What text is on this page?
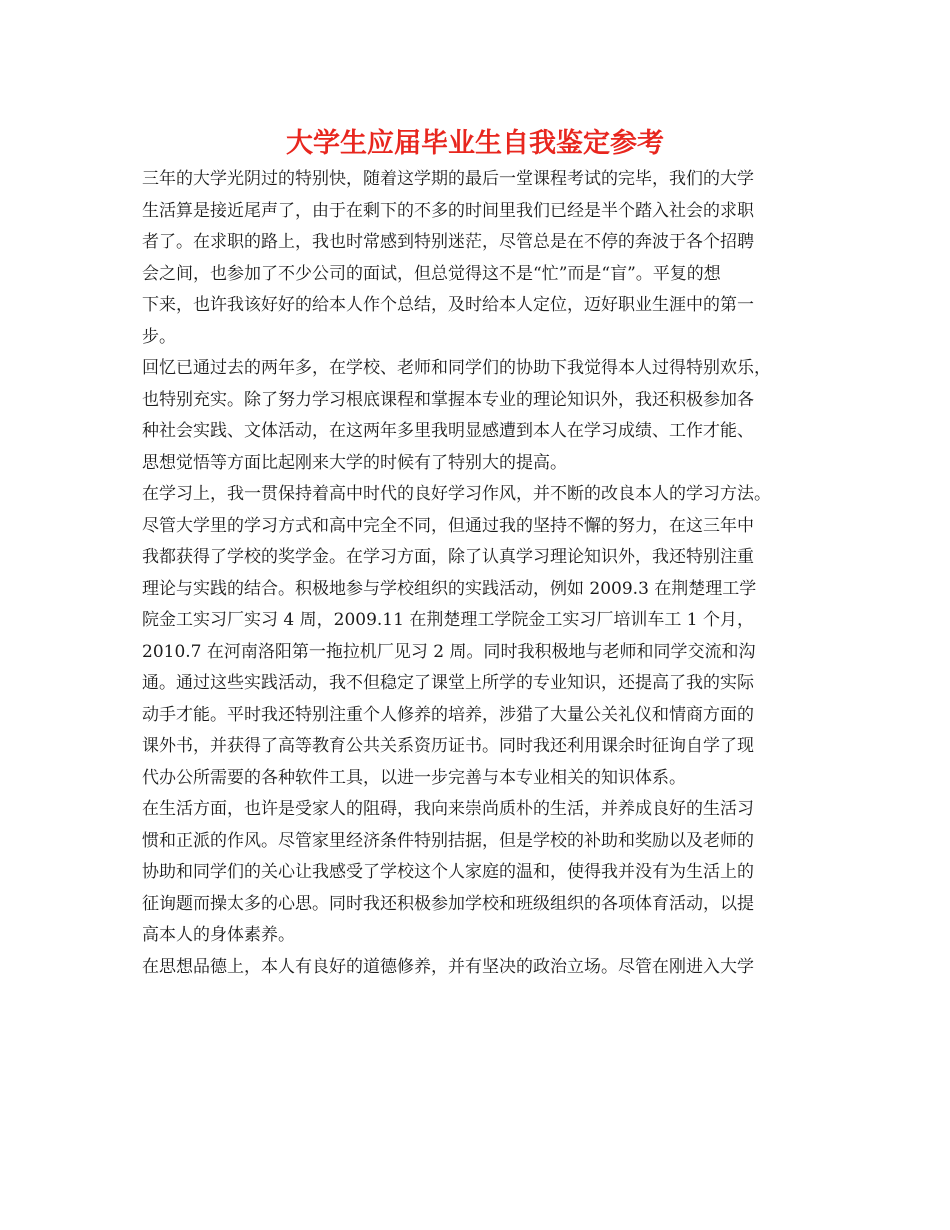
大学生应届毕业生自我鉴定参考

三年的大学光阴过的特别快，随着这学期的最后一堂课程考试的完毕，我们的大学
生活算是接近尾声了，由于在剩下的不多的时间里我们已经是半个踏入社会的求职
者了。在求职的路上，我也时常感到特别迷茫，尽管总是在不停的奔波于各个招聘
会之间，也参加了不少公司的面试，但总觉得这不是“忙”而是“盲”。平复的想
下来，也许我该好好的给本人作个总结，及时给本人定位，迈好职业生涯中的第一
步。

回忆已通过去的两年多，在学校、老师和同学们的协助下我觉得本人过得特别欢乐，
也特别充实。除了努力学习根底课程和掌握本专业的理论知识外，我还积极参加各
种社会实践、文体活动，在这两年多里我明显感遭到本人在学习成绩、工作才能、
思想觉悟等方面比起刚来大学的时候有了特别大的提高。

在学习上，我一贯保持着高中时代的良好学习作风，并不断的改良本人的学习方法。
尽管大学里的学习方式和高中完全不同，但通过我的坚持不懈的努力，在这三年中
我都获得了学校的奖学金。在学习方面，除了认真学习理论知识外，我还特别注重
理论与实践的结合。积极地参与学校组织的实践活动，例如 2009.3 在荆楚理工学
院金工实习厂实习 4 周，2009.11 在荆楚理工学院金工实习厂培训车工 1 个月，
2010.7 在河南洛阳第一拖拉机厂见习 2 周。同时我积极地与老师和同学交流和沟
通。通过这些实践活动，我不但稳定了课堂上所学的专业知识，还提高了我的实际
动手才能。平时我还特别注重个人修养的培养，涉猎了大量公关礼仪和情商方面的
课外书，并获得了高等教育公共关系资历证书。同时我还利用课余时征询自学了现
代办公所需要的各种软件工具，以进一步完善与本专业相关的知识体系。

在生活方面，也许是受家人的阻碍，我向来崇尚质朴的生活，并养成良好的生活习
惯和正派的作风。尽管家里经济条件特别拮据，但是学校的补助和奖励以及老师的
协助和同学们的关心让我感受了学校这个人家庭的温和，使得我并没有为生活上的
征询题而操太多的心思。同时我还积极参加学校和班级组织的各项体育活动，以提
高本人的身体素养。

在思想品德上，本人有良好的道德修养，并有坚决的政治立场。尽管在刚进入大学
